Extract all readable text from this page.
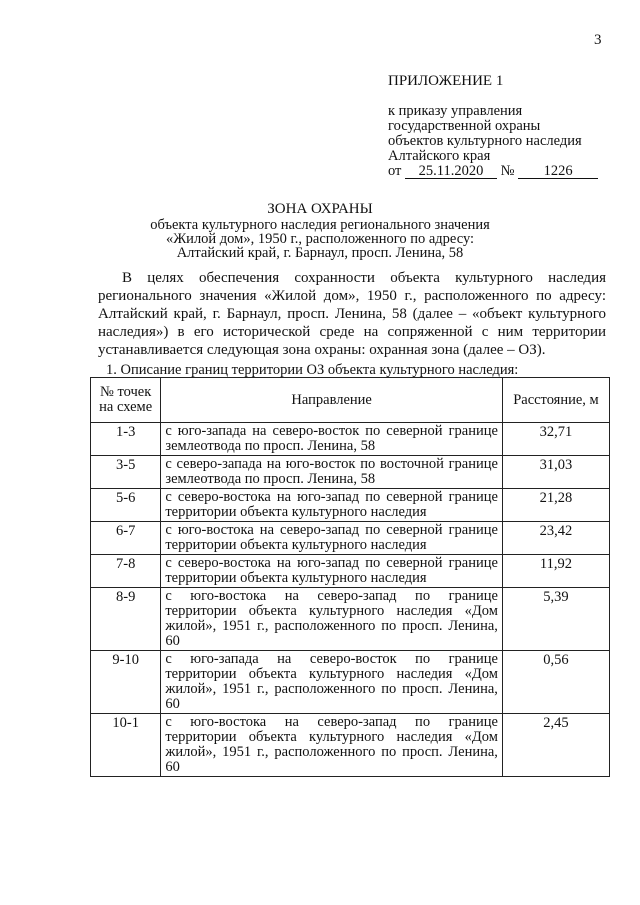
3
ПРИЛОЖЕНИЕ 1
к приказу управления
государственной охраны
объектов культурного наследия
Алтайского края
от 25.11.2020 № 1226
ЗОНА ОХРАНЫ
объекта культурного наследия регионального значения
«Жилой дом», 1950 г., расположенного по адресу:
Алтайский край, г. Барнаул, просп. Ленина, 58
В целях обеспечения сохранности объекта культурного наследия регионального значения «Жилой дом», 1950 г., расположенного по адресу: Алтайский край, г. Барнаул, просп. Ленина, 58 (далее – «объект культурного наследия») в его исторической среде на сопряженной с ним территории устанавливается следующая зона охраны: охранная зона (далее – ОЗ).
1. Описание границ территории ОЗ объекта культурного наследия:
№ точек на схеме	Направление	Расстояние, м
1-3	с юго-запада на северо-восток по северной границе землеотвода по просп. Ленина, 58	32,71
3-5	с северо-запада на юго-восток по восточной границе землеотвода по просп. Ленина, 58	31,03
5-6	с северо-востока на юго-запад по северной границе территории объекта культурного наследия	21,28
6-7	с юго-востока на северо-запад по северной границе территории объекта культурного наследия	23,42
7-8	с северо-востока на юго-запад по северной границе территории объекта культурного наследия	11,92
8-9	с юго-востока на северо-запад по границе территории объекта культурного наследия «Дом жилой», 1951 г., расположенного по просп. Ленина, 60	5,39
9-10	с юго-запада на северо-восток по границе территории объекта культурного наследия «Дом жилой», 1951 г., расположенного по просп. Ленина, 60	0,56
10-1	с юго-востока на северо-запад по границе территории объекта культурного наследия «Дом жилой», 1951 г., расположенного по просп. Ленина, 60	2,45
